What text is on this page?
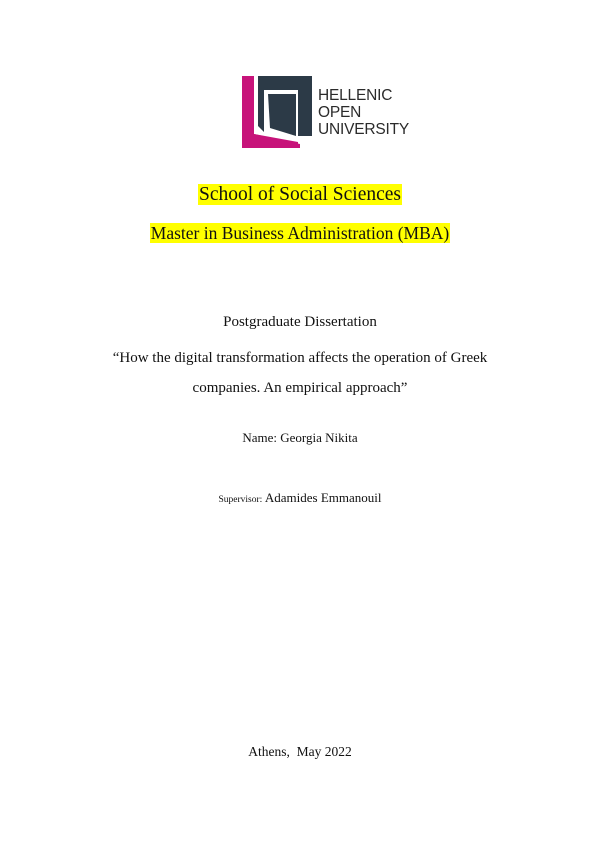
HELLENIC
OPEN
UNIVERSITY
School of Social Sciences
Master in Business Administration (MBA)
Postgraduate Dissertation
“How the digital transformation affects the operation of Greek companies. An empirical approach”
Name: Georgia Nikita
Supervisor: Adamides Emmanouil
Athens,  May 2022
